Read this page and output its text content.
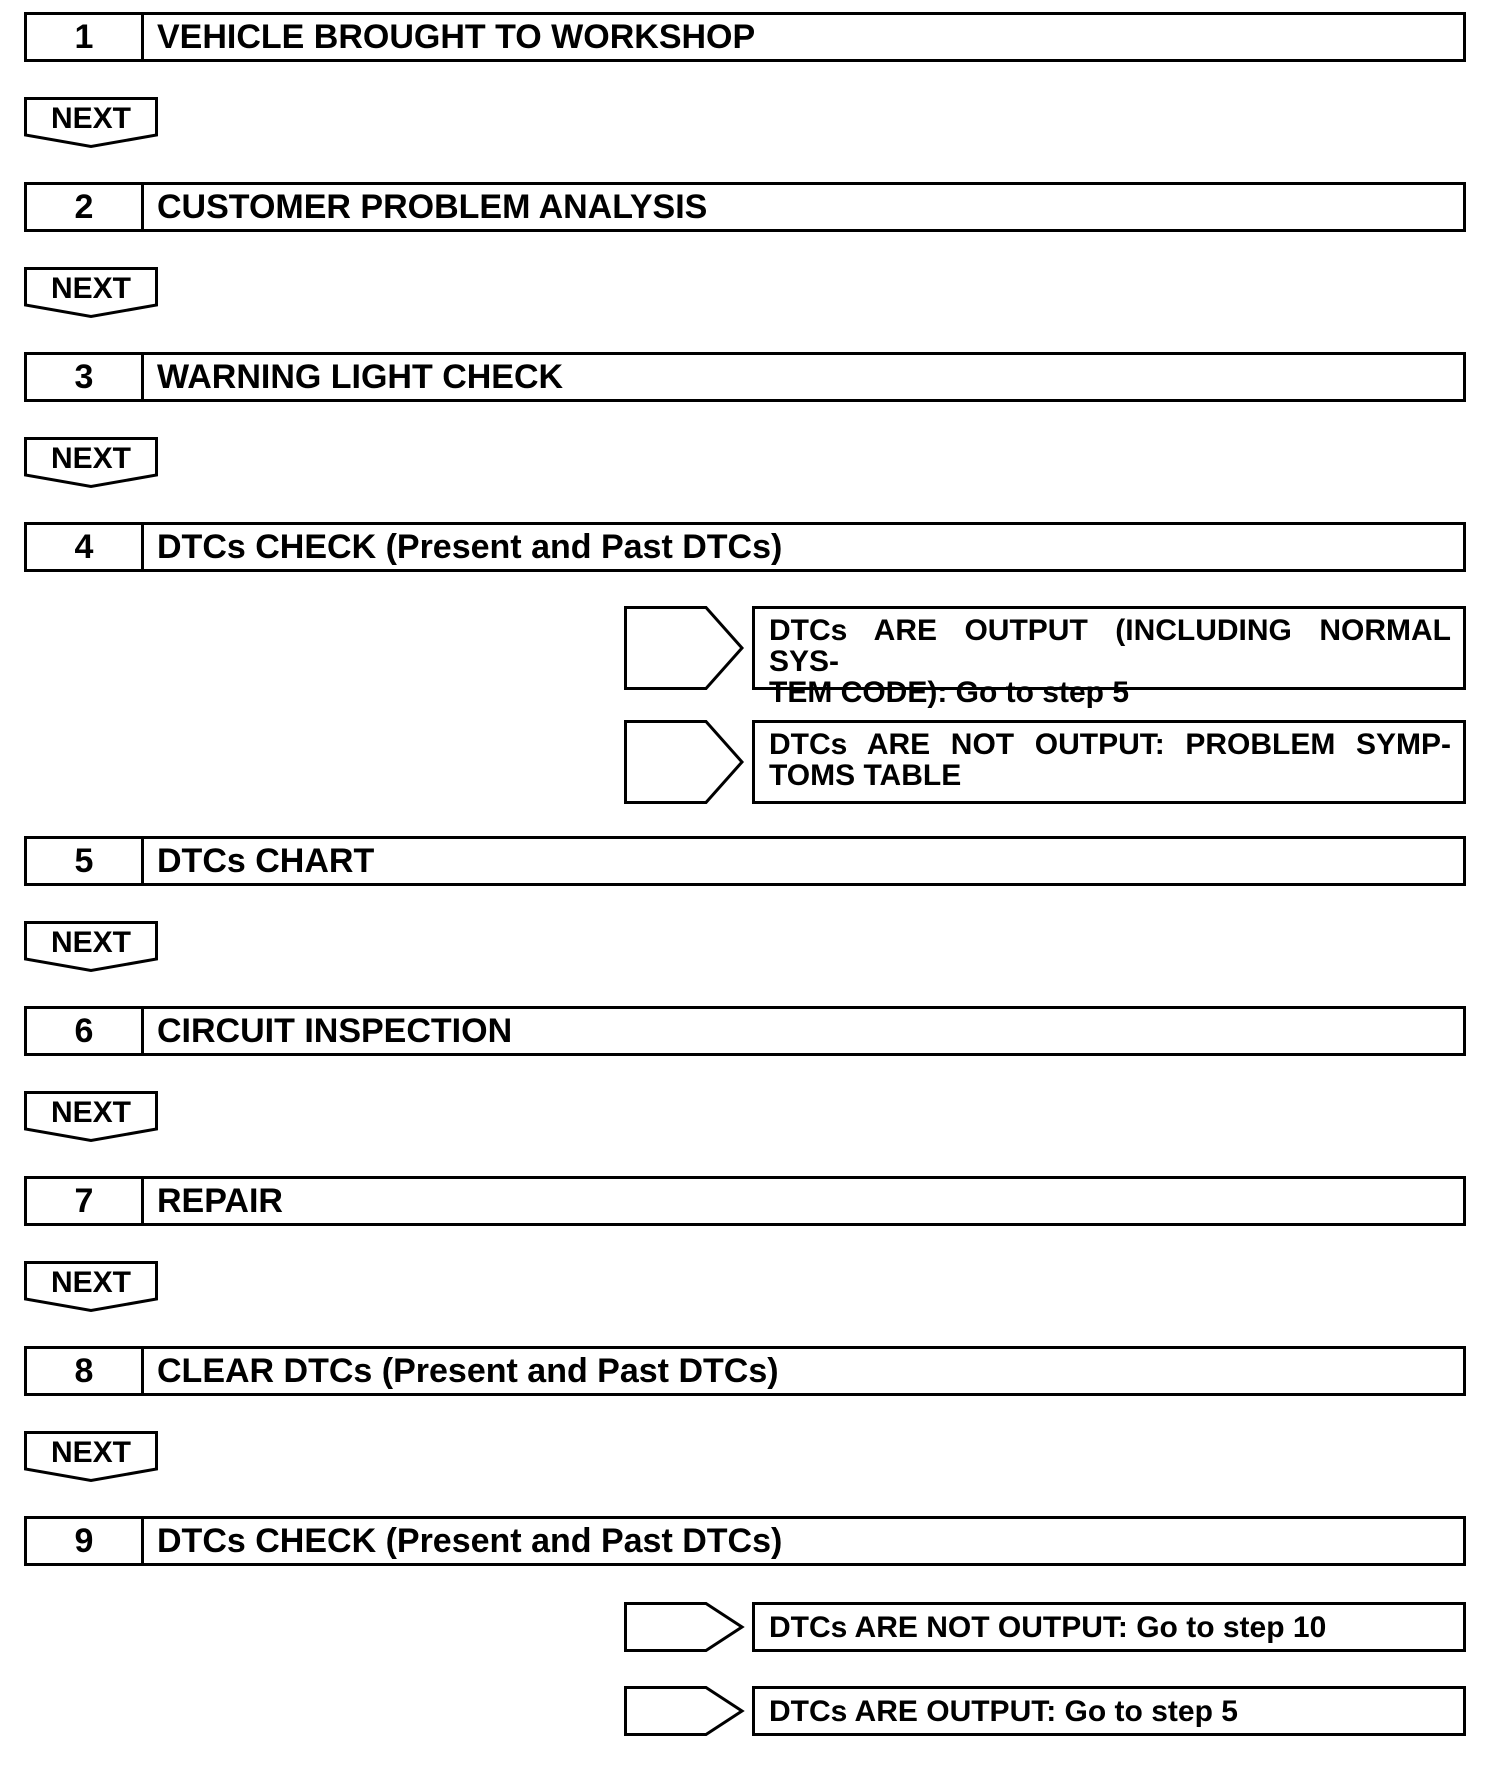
1	VEHICLE BROUGHT TO WORKSHOP
NEXT
2	CUSTOMER PROBLEM ANALYSIS
NEXT
3	WARNING LIGHT CHECK
NEXT
4	DTCs CHECK (Present and Past DTCs)
DTCs ARE OUTPUT (INCLUDING NORMAL SYS-
TEM CODE): Go to step 5
DTCs ARE NOT OUTPUT: PROBLEM SYMP-
TOMS TABLE
5	DTCs CHART
NEXT
6	CIRCUIT INSPECTION
NEXT
7	REPAIR
NEXT
8	CLEAR DTCs (Present and Past DTCs)
NEXT
9	DTCs CHECK (Present and Past DTCs)
DTCs ARE NOT OUTPUT: Go to step 10
DTCs ARE OUTPUT: Go to step 5
